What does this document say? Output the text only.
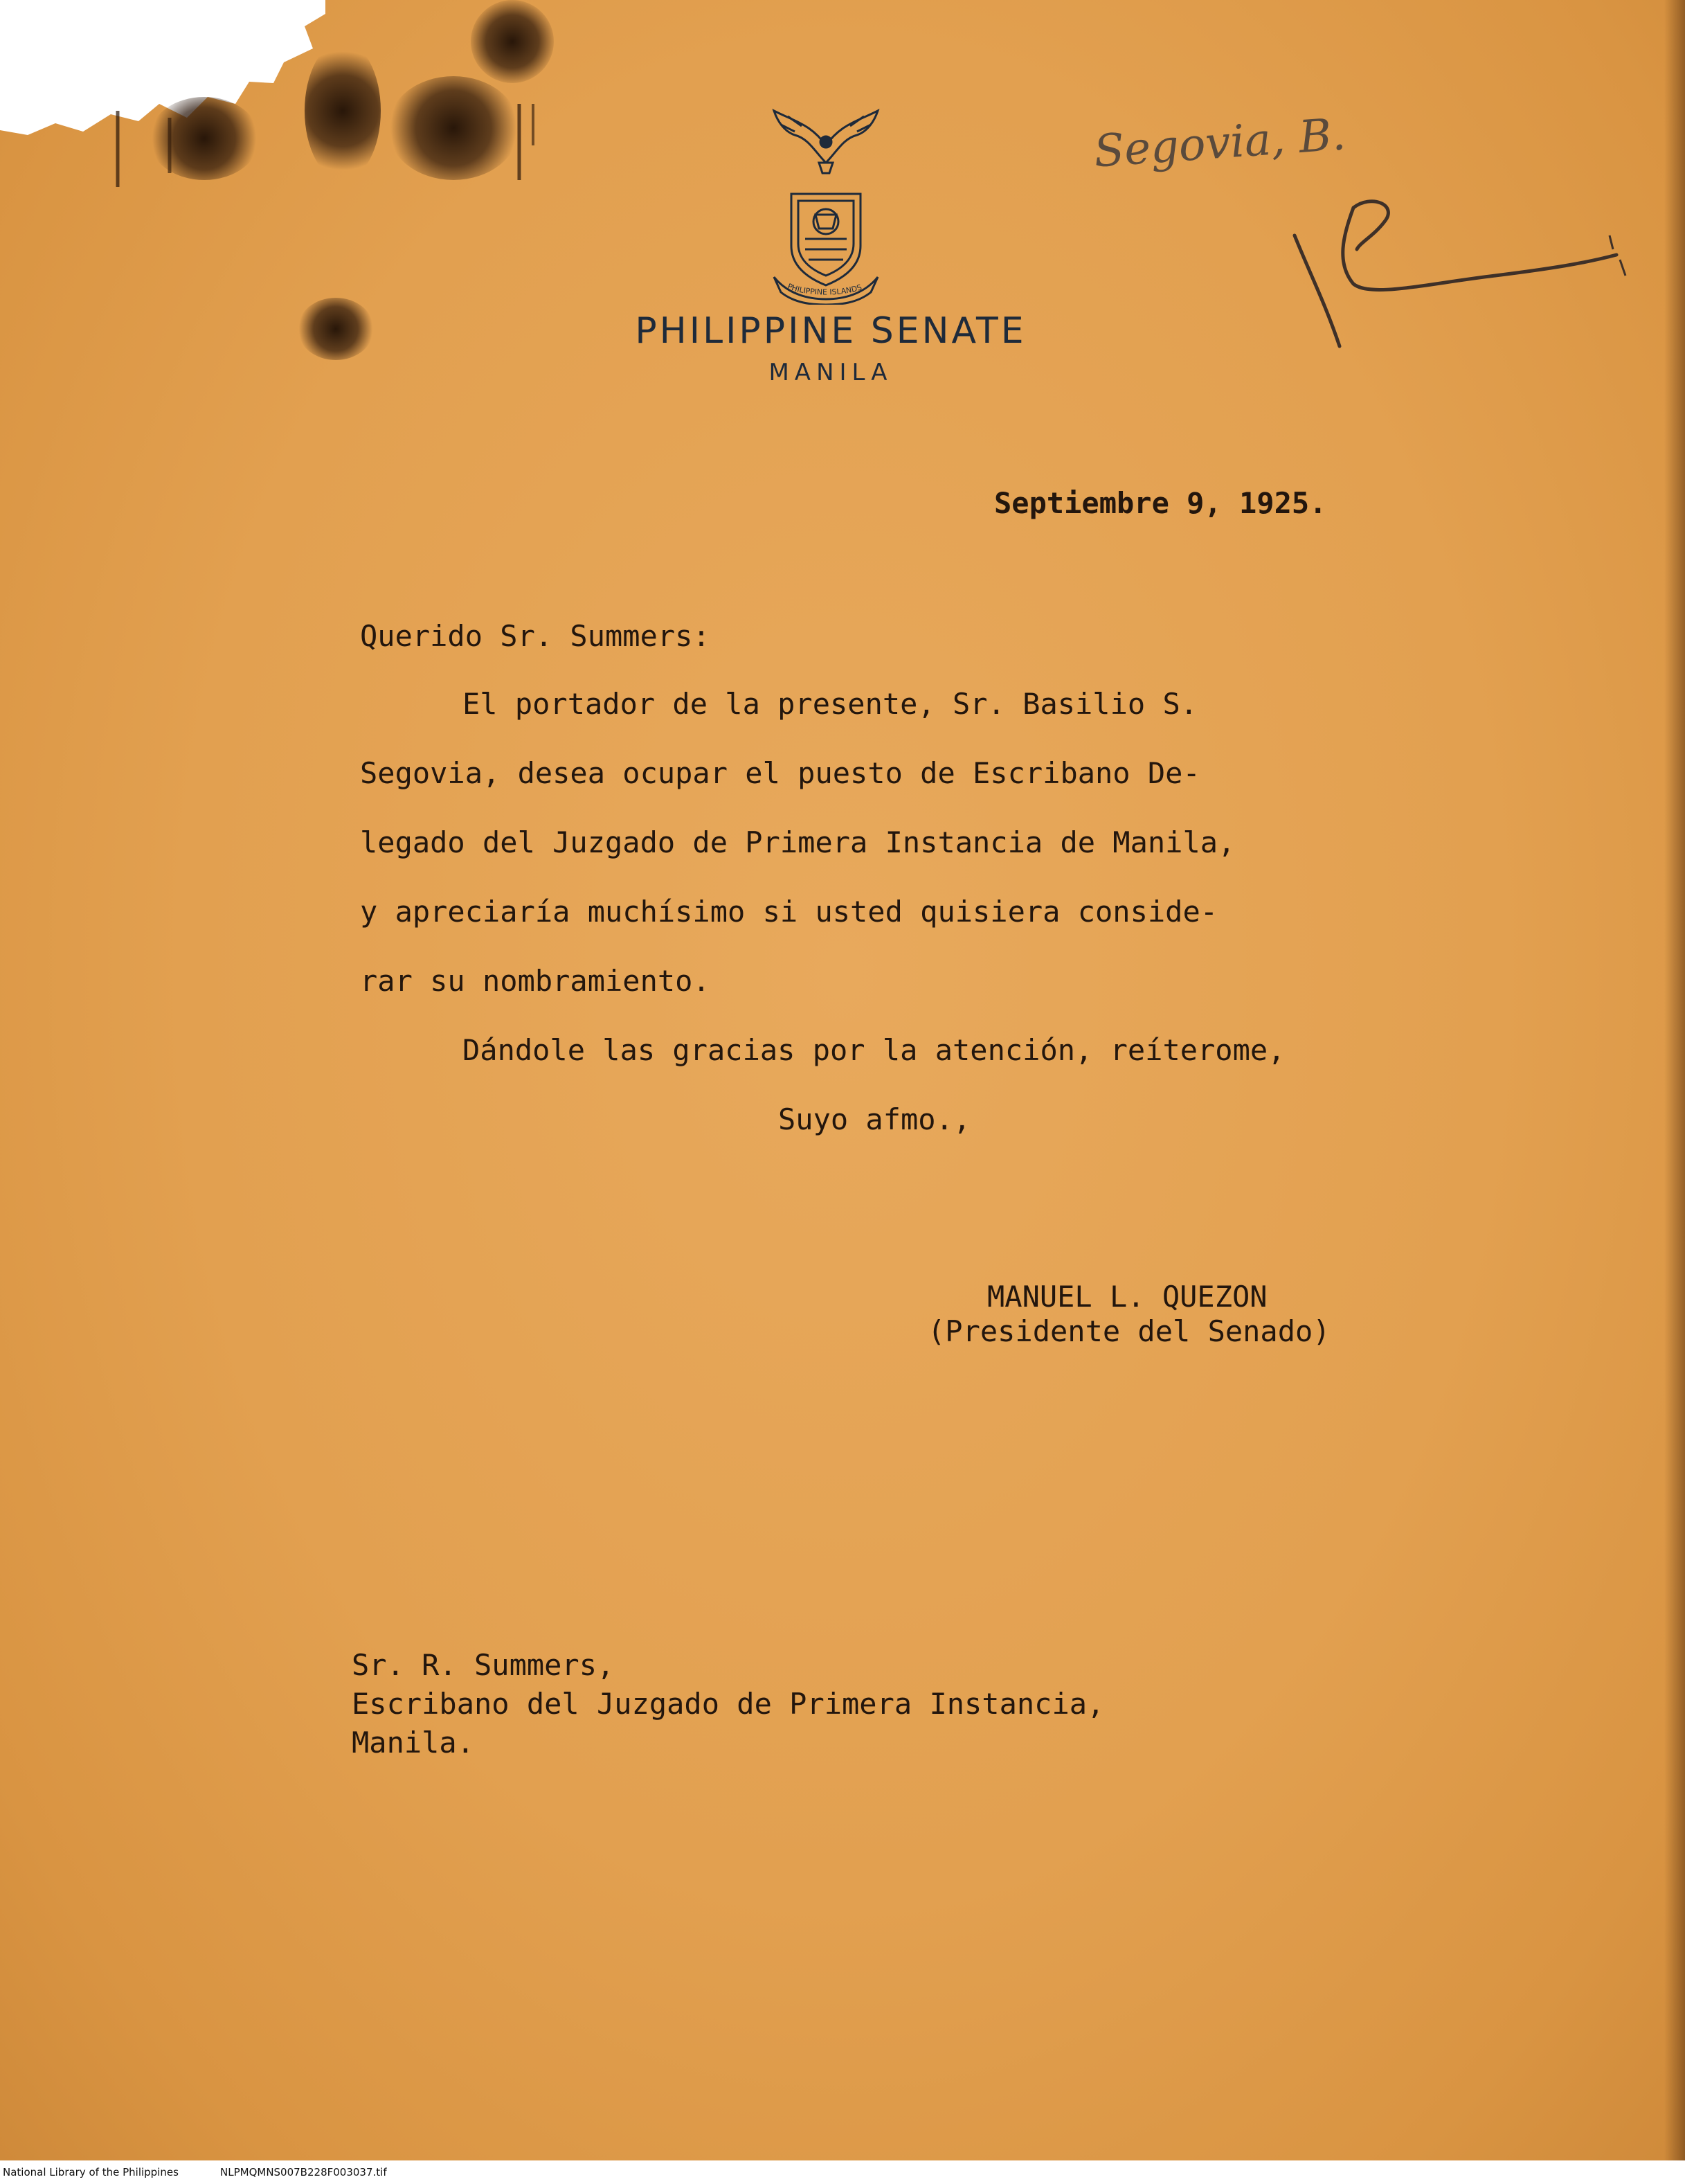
PHILIPPINE ISLANDS
PHILIPPINE SENATE
MANILA
Segovia, B.
Septiembre 9, 1925.
Querido Sr. Summers:
El portador de la presente, Sr. Basilio S.
Segovia, desea ocupar el puesto de Escribano De-
legado del Juzgado de Primera Instancia de Manila,
y apreciaría muchísimo si usted quisiera conside-
rar su nombramiento.
Dándole las gracias por la atención, reíterome,
Suyo afmo.,
MANUEL L. QUEZON
(Presidente del Senado)
Sr. R. Summers,
Escribano del Juzgado de Primera Instancia,
Manila.
National Library of the Philippines	NLPMQMNS007B228F003037.tif
